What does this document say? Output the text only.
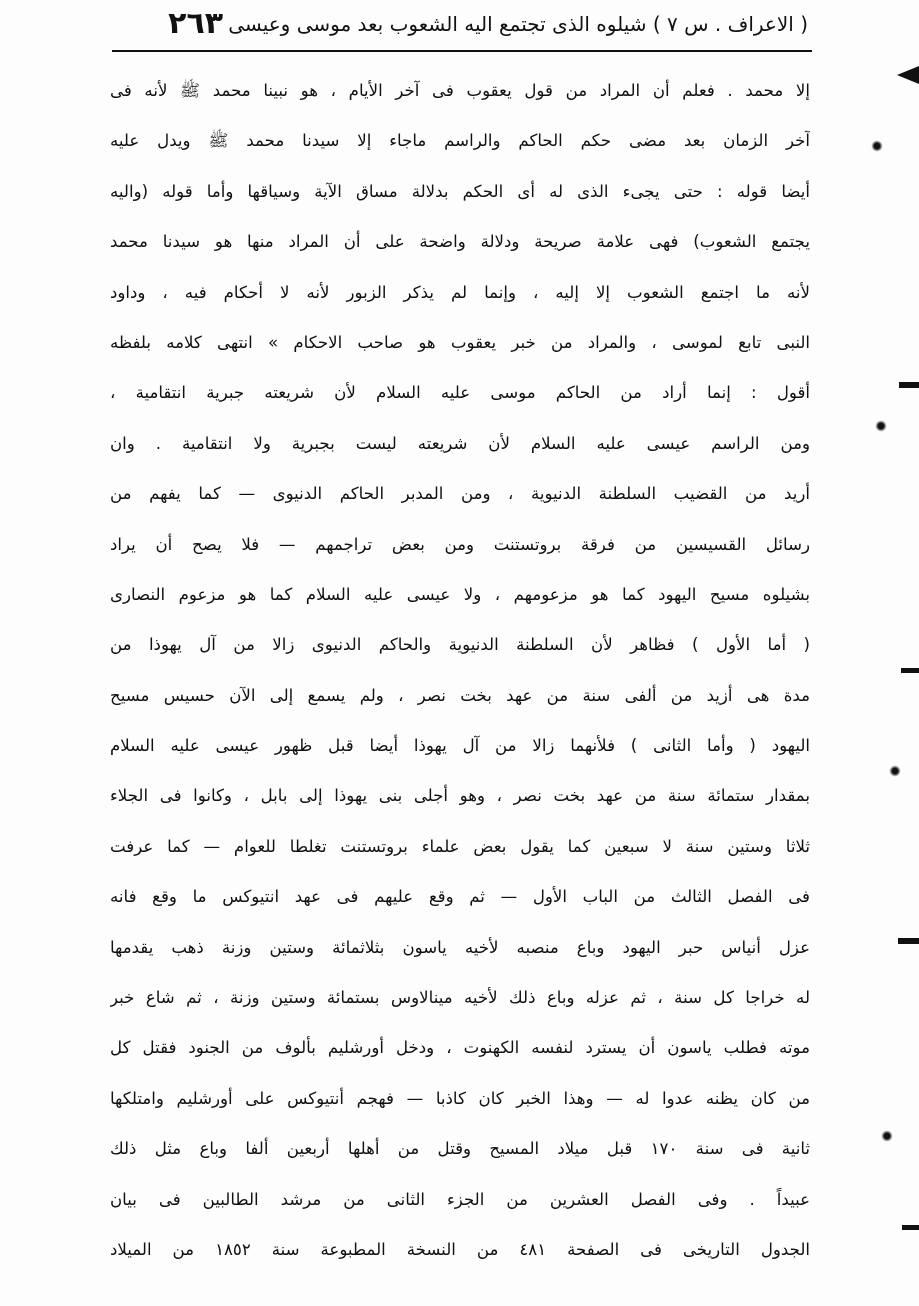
( الاعراف . س ٧ ) شيلوه الذى تجتمع اليه الشعوب بعد موسى وعيسى ٢٦٣
إلا محمد . فعلم أن المراد من قول يعقوب فى آخر الأيام ، هو نبينا محمد ﷺ لأنه فى
آخر الزمان بعد مضى حكم الحاكم والراسم ماجاء إلا سيدنا محمد ﷺ ويدل عليه
أيضا قوله : حتى يجىء الذى له أى الحكم بدلالة مساق الآية وسياقها وأما قوله (واليه
يجتمع الشعوب) فهى علامة صريحة ودلالة واضحة على أن المراد منها هو سيدنا محمد
لأنه ما اجتمع الشعوب إلا إليه ، وإنما لم يذكر الزبور لأنه لا أحكام فيه ، وداود
النبى تابع لموسى ، والمراد من خبر يعقوب هو صاحب الاحكام » انتهى كلامه بلفظه
أقول : إنما أراد من الحاكم موسى عليه السلام لأن شريعته جبرية انتقامية ،
ومن الراسم عيسى عليه السلام لأن شريعته ليست بجبرية ولا انتقامية . وان
أريد من القضيب السلطنة الدنيوية ، ومن المدبر الحاكم الدنيوى — كما يفهم من
رسائل القسيسين من فرقة بروتستنت ومن بعض تراجمهم — فلا يصح أن يراد
بشيلوه مسيح اليهود كما هو مزعومهم ، ولا عيسى عليه السلام كما هو مزعوم النصارى
( أما الأول ) فظاهر لأن السلطنة الدنيوية والحاكم الدنيوى زالا من آل يهوذا من
مدة هى أزيد من ألفى سنة من عهد بخت نصر ، ولم يسمع إلى الآن حسيس مسيح
اليهود ( وأما الثانى ) فلأنهما زالا من آل يهوذا أيضا قبل ظهور عيسى عليه السلام
بمقدار ستمائة سنة من عهد بخت نصر ، وهو أجلى بنى يهوذا إلى بابل ، وكانوا فى الجلاء
ثلاثا وستين سنة لا سبعين كما يقول بعض علماء بروتستنت تغلطا للعوام — كما عرفت
فى الفصل الثالث من الباب الأول — ثم وقع عليهم فى عهد انتيوكس ما وقع فانه
عزل أنياس حبر اليهود وباع منصبه لأخيه ياسون بثلاثمائة وستين وزنة ذهب يقدمها
له خراجا كل سنة ، ثم عزله وباع ذلك لأخيه مينالاوس بستمائة وستين وزنة ، ثم شاع خبر
موته فطلب ياسون أن يسترد لنفسه الكهنوت ، ودخل أورشليم بألوف من الجنود فقتل كل
من كان يظنه عدوا له — وهذا الخبر كان كاذبا — فهجم أنتيوكس على أورشليم وامتلكها
ثانية فى سنة ١٧٠ قبل ميلاد المسيح وقتل من أهلها أربعين ألفا وباع مثل ذلك
عبيداً . وفى الفصل العشرين من الجزء الثانى من مرشد الطالبين فى بيان
الجدول التاريخى فى الصفحة ٤٨١ من النسخة المطبوعة سنة ١٨٥٢ من الميلاد
